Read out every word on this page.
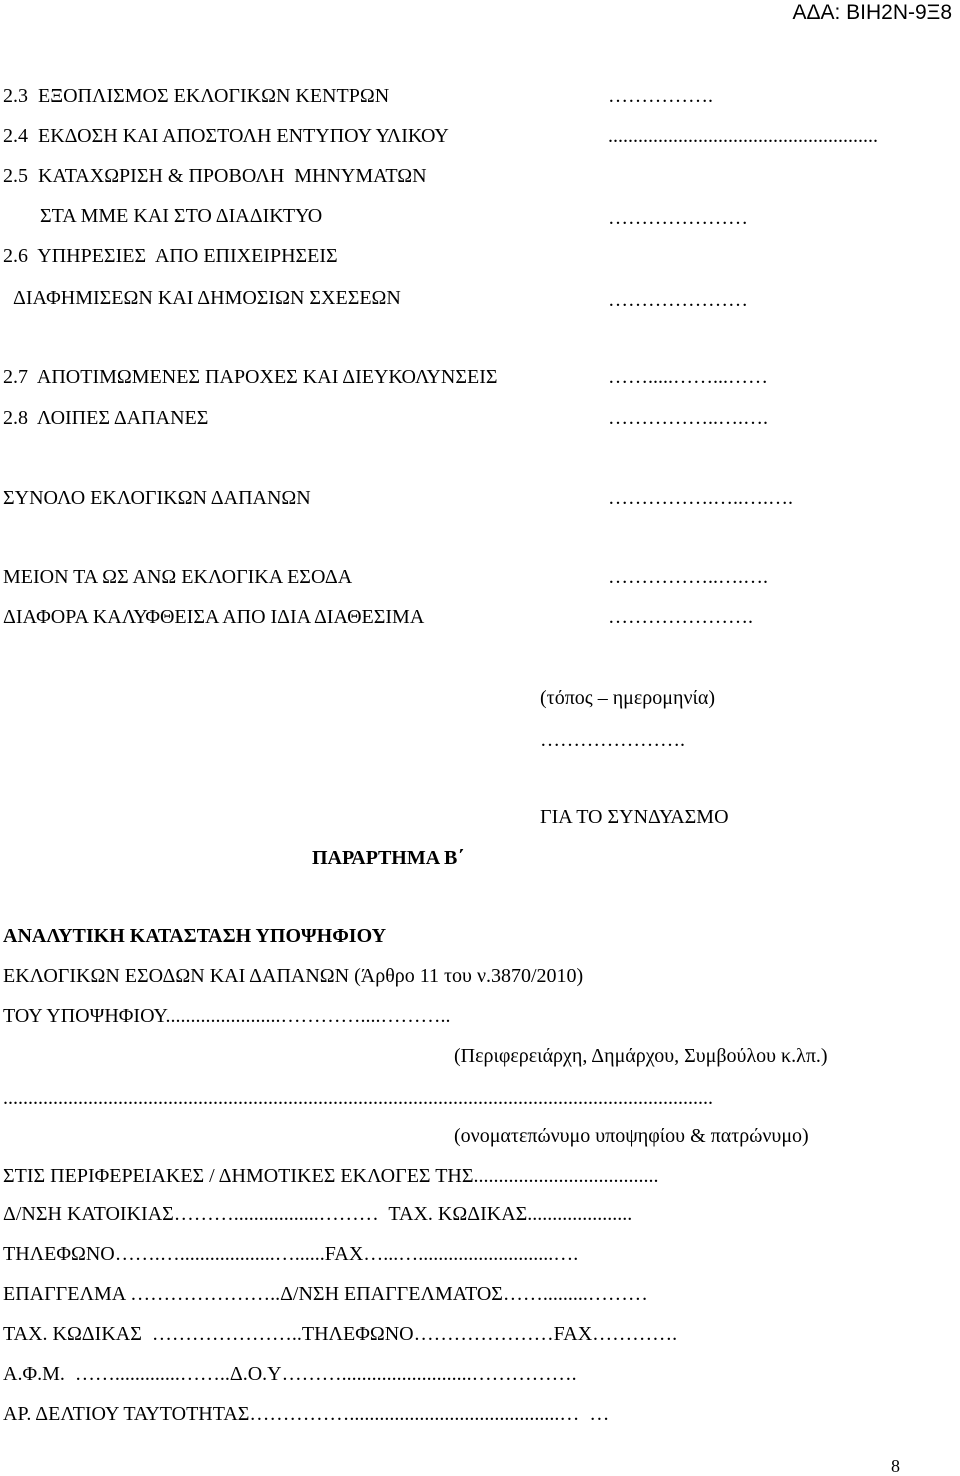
ΑΔΑ: ΒΙΗ2Ν-9Ξ8
2.3  ΕΞΟΠΛΙΣΜΟΣ ΕΚΛΟΓΙΚΩΝ ΚΕΝΤΡΩΝ	…………….
2.4  ΕΚΔΟΣΗ ΚΑΙ ΑΠΟΣΤΟΛΗ ΕΝΤΥΠΟΥ ΥΛΙΚΟΥ	......................................................
2.5  ΚΑΤΑΧΩΡΙΣΗ & ΠΡΟΒΟΛΗ  ΜΗΝΥΜΑΤΩΝ
ΣΤΑ ΜΜΕ ΚΑΙ ΣΤΟ ΔΙΑΔΙΚΤΥΟ	…………………
2.6  ΥΠΗΡΕΣΙΕΣ  ΑΠΟ ΕΠΙΧΕΙΡΗΣΕΙΣ
ΔΙΑΦΗΜΙΣΕΩΝ ΚΑΙ ΔΗΜΟΣΙΩΝ ΣΧΕΣΕΩΝ	…………………
2.7  ΑΠΟΤΙΜΩΜΕΝΕΣ ΠΑΡΟΧΕΣ ΚΑΙ ΔΙΕΥΚΟΛΥΝΣΕΙΣ	…….....……...……
2.8  ΛΟΙΠΕΣ ΔΑΠΑΝΕΣ	……………..….….
ΣΥΝΟΛΟ ΕΚΛΟΓΙΚΩΝ ΔΑΠΑΝΩΝ	…………….…..….….
ΜΕΙΟΝ ΤΑ ΩΣ ΑΝΩ ΕΚΛΟΓΙΚΑ ΕΣΟΔΑ	……………..….….
ΔΙΑΦΟΡΑ ΚΑΛΥΦΘΕΙΣΑ ΑΠΟ ΙΔΙΑ ΔΙΑΘΕΣΙΜΑ	………………….
(τόπος – ημερομηνία)
………………….
ΓΙΑ ΤΟ ΣΥΝΔΥΑΣΜΟ
ΠΑΡΑΡΤΗΜΑ Β΄
ΑΝΑΛΥΤΙΚΗ ΚΑΤΑΣΤΑΣΗ ΥΠΟΨΗΦΙΟΥ
ΕΚΛΟΓΙΚΩΝ ΕΣΟΔΩΝ ΚΑΙ ΔΑΠΑΝΩΝ (Άρθρο 11 του ν.3870/2010)
ΤΟΥ ΥΠΟΨΗΦΙΟΥ.......................…………....………..
(Περιφερειάρχη, Δημάρχου, Συμβούλου κ.λπ.)
..............................................................................................................................................
(ονοματεπώνυμο υποψηφίου & πατρώνυμο)
ΣΤΙΣ ΠΕΡΙΦΕΡΕΙΑΚΕΣ / ΔΗΜΟΤΙΚΕΣ ΕΚΛΟΓΕΣ ΤΗΣ.....................................
Δ/ΝΣΗ ΚΑΤΟΙΚΙΑΣ……….................………  ΤΑΧ. ΚΩΔΙΚΑΣ.....................
ΤΗΛΕΦΩΝΟ…….…...................…......FAX…...…...........................….
ΕΠΑΓΓΕΛΜΑ …………………..Δ/ΝΣΗ ΕΠΑΓΓΕΛΜΑΤΟΣ…….........………
ΤΑΧ. ΚΩΔΙΚΑΣ  …………………..ΤΗΛΕΦΩΝΟ…………………FAX………….
Α.Φ.Μ.  …….............……..Δ.Ο.Υ………..........................…………….
ΑΡ. ΔΕΛΤΙΟΥ ΤΑΥΤΟΤΗΤΑΣ……………..........................................…  …
8
